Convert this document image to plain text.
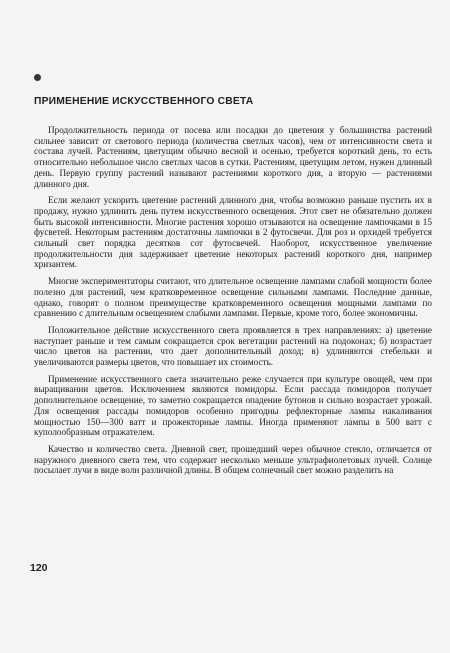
ПРИМЕНЕНИЕ ИСКУССТВЕННОГО СВЕТА

Продолжительность периода от посева или посадки до цветения у большинства растений сильнее зависит от светового периода (количества светлых часов), чем от интенсивности света и состава лучей. Растениям, цветущим обычно весной и осенью, требуется короткий день, то есть относительно небольшое число светлых часов в сутки. Растениям, цветущим летом, нужен длинный день. Первую группу растений называют растениями короткого дня, а вторую — растениями длинного дня.

Если желают ускорить цветение растений длинного дня, чтобы возможно раньше пустить их в продажу, нужно удлинить день путем искусственного освещения. Этот свет не обязательно должен быть высокой интенсивности. Многие растения хорошо отзываются на освещение лампочками в 15 фусветей. Некоторым растениям достаточны лампочки в 2 футосвечи. Для роз и орхидей требуется сильный свет порядка десятков сот футосвечей. Наоборот, искусственное увеличение продолжительности дня задерживает цветение некоторых растений короткого дня, например хризантем.

Многие экспериментаторы считают, что длительное освещение лампами слабой мощности более полезно для растений, чем кратковременное освещение сильными лампами. Последние данные, однако, говорят о полном преимуществе кратковременного освещения мощными лампами по сравнению с длительным освещением слабыми лампами. Первые, кроме того, более экономичны.

Положительное действие искусственного света проявляется в трех направлениях: а) цветение наступает раньше и тем самым сокращается срок вегетации растений на подоконах; б) возрастает число цветов на растении, что дает дополнительный доход; в) удлиняются стебельки и увеличиваются размеры цветов, что повышает их стоимость.

Применение искусственного света значительно реже случается при культуре овощей, чем при выращивании цветов. Исключением являются помидоры. Если рассада помидоров получает дополнительное освещение, то заметно сокращается опадение бутонов и сильно возрастает урожай. Для освещения рассады помидоров особенно пригодны рефлекторные лампы накаливания мощностью 150—300 ватт и прожекторные лампы. Иногда применяют лампы в 500 ватт с куполообразным отражателем.

Качество и количество света. Дневной свет, прошедший через обычное стекло, отличается от наружного дневного света тем, что содержит несколько меньше ультрафиолетовых лучей. Солнце посылает лучи в виде волн различной длины. В общем солнечный свет можно разделить на

120
